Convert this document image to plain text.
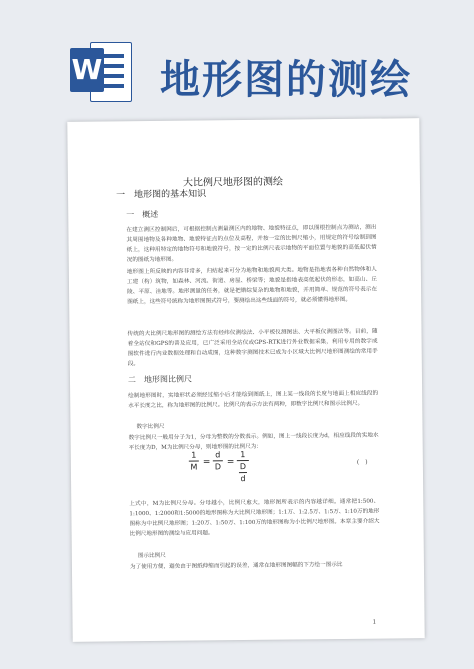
W 地形图的测绘
大比例尺地形图的测绘
一　地形图的基本知识
一　概述
在建立测区控制网后，可根据控制点测量测区内的地物、地貌特征点，即以图根控制点为测站，测出其周围地物及各种地物、地貌特征点的点位及高程，并按一定的比例尺缩小，用规定的符号绘制到图纸上，这种用特定的地物符号和地貌符号，按一定的比例尺表示地物的平面位置与地貌的高低起伏情况的图纸为地形图。
地形图上所反映的内容非常多，归结起来可分为地物和地貌两大类。地物是指地表各种自然物体和人工建（构）筑物，如森林、河流、街道、房屋、桥梁等；地貌是指地表高低起伏的形态，如高山、丘陵、平原、洼地等。地形测量的任务，就是把错综复杂的地物和地貌，并用简单、规范的符号表示在图纸上，这些符号统称为地形图图式符号，要测绘出这些线面的符号，就必须懂得地形图。
传统的大比例尺地形图的测绘方法有经纬仪测绘法、小平板仪测图法、大平板仪测图法等。目前，随着全站仪和GPS的普及应用，已广泛采用全站仪或GPS-RTK进行外业数据采集，利用专用的数字成图软件进行内业数据处理和自动成图，这种数字测图技术已成为小区域大比例尺地形图测绘的常用手段。
二　地形图比例尺
绘制地形图时，实地形状必须经过缩小后才能绘到图纸上，图上某一线段的长度与地面上相应线段的水平长度之比，称为地形图的比例尺。比例尺的表示方法有两种，即数字比例尺和图示比例尺。
数字比例尺
数字比例尺一般用分子为1，分母为整数的分数表示。例如，图上一线段长度为d，相应线段的实地水平长度为D，M为比例尺分母，则地形图的比例尺为：
1
M =
d
D =
1
D
d
(　)
上式中，M为比例尺分母。分母越小，比例尺愈大，地形图所表示的内容越详细。通常把1:500、1:1000、1:2000和1:5000的地形图称为大比例尺地形图；1:1万、1:2.5万、1:5万、1:10万的地形图称为中比例尺地形图；1:20万、1:50万、1:100万的地形图称为小比例尺地形图。本章主要介绍大比例尺地形图的测绘与应用问题。
图示比例尺
为了使用方便，避免由于图纸伸缩而引起的误差，通常在地形图图幅的下方绘一图示比
1
